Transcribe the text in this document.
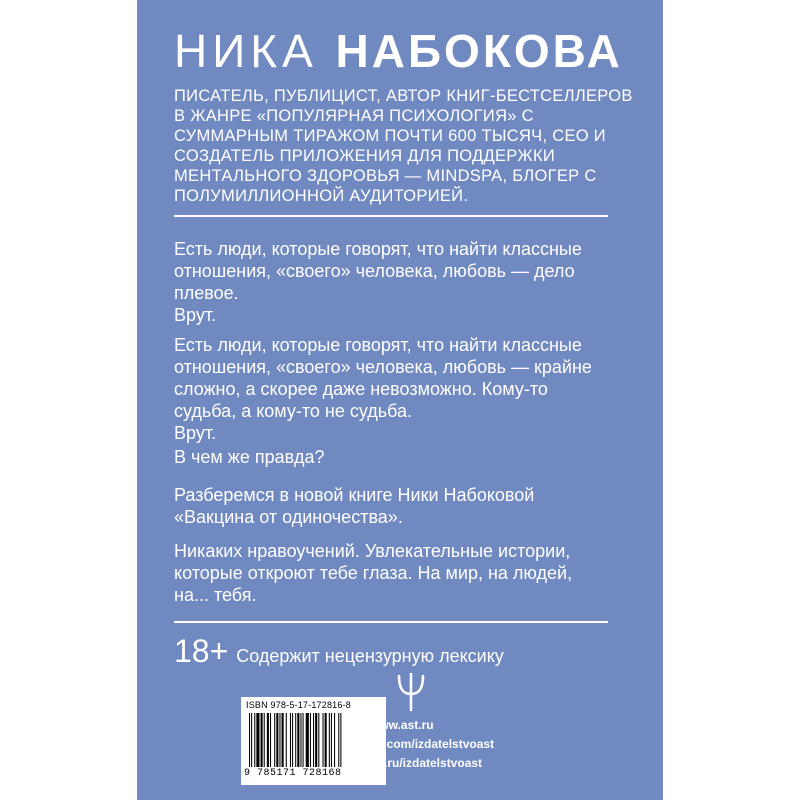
НИКА НАБОКОВА
ПИСАТЕЛЬ, ПУБЛИЦИСТ, АВТОР КНИГ-БЕСТСЕЛЛЕРОВ В ЖАНРЕ «ПОПУЛЯРНАЯ ПСИХОЛОГИЯ» С СУММАРНЫМ ТИРАЖОМ ПОЧТИ 600 ТЫСЯЧ, CEO И СОЗДАТЕЛЬ ПРИЛОЖЕНИЯ ДЛЯ ПОДДЕРЖКИ МЕНТАЛЬНОГО ЗДОРОВЬЯ — MINDSPA, БЛОГЕР С ПОЛУМИЛЛИОННОЙ АУДИТОРИЕЙ.
Есть люди, которые говорят, что найти классные
отношения, «своего» человека, любовь — дело
плевое.
Врут.
Есть люди, которые говорят, что найти классные
отношения, «своего» человека, любовь — крайне
сложно, а скорее даже невозможно. Кому-то
судьба, а кому-то не судьба.
Врут.
В чем же правда?
Разберемся в новой книге Ники Набоковой
«Вакцина от одиночества».
Никаких нравоучений. Увлекательные истории,
которые откроют тебе глаза. На мир, на людей,
на... тебя.
18+ Содержит нецензурную лексику
ISBN 978-5-17-172816-8
9 785171 728168
www.ast.ru
vk.com/izdatelstvoast
ok.ru/izdatelstvoast
